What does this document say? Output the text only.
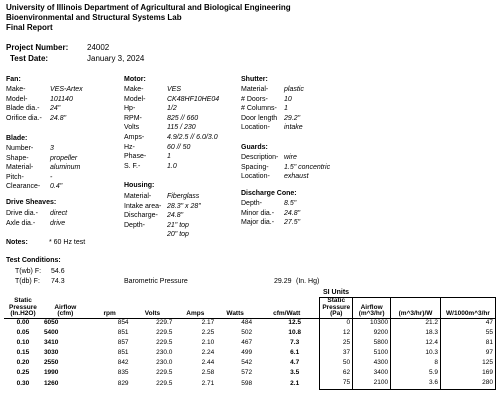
University of Illinois Department of Agricultural and Biological Engineering
Bioenvironmental and Structural Systems Lab
Final Report
Project Number: 24002
Test Date:	January 3, 2024
Fan:
Make-	VES-Artex
Model-	101140
Blade dia.- 24"
Orifice dia.- 24.8"
Blade:
Number- 3
Shape-	propeller
Material- aluminum
Pitch-	-
Clearance- 0.4"
Drive Sheaves:
Drive dia.- direct
Axle dia.- drive
Notes:	* 60 Hz test
Motor:
Make-	VES
Model-	CK48HF10HE04
Hp-	1/2
RPM-	825 // 660
Volts	115 / 230
Amps-	4.9/2.5 // 6.0/3.0
Hz-	60 // 50
Phase-	1
S. F.-	1.0
Housing:
Material- Fiberglass
Intake area- 28.3" x 28"
Discharge- 24.8"
Depth-	21" top
20" top
Shutter:
Material- plastic
# Doors- 10
# Columns- 1
Door length 29.2"
Location- intake
Guards:
Description- wire
Spacing- 1.5" concentric
Location- exhaust
Discharge Cone:
Depth-	8.5"
Minor dia.- 24.8"
Major dia.- 27.5"
Test Conditions:
T(wb) F: 54.6
T(db) F: 74.3	Barometric Pressure	29.29 (In. Hg)
SI Units
Static
Pressure
(In.H2O)	Airflow
(cfm)	rpm	Volts	Amps	Watts	cfm/Watt	Static
Pressure
(Pa)	Airflow
(m^3/hr)	(m^3/hr)/W	W/1000m^3/hr
0.00	6050	854	229.7	2.17	484	12.5	0	10300	21.2	47
0.05	5400	851	229.5	2.25	502	10.8	12	9200	18.3	55
0.10	3410	857	229.5	2.10	467	7.3	25	5800	12.4	81
0.15	3030	851	230.0	2.24	499	6.1	37	5100	10.3	97
0.20	2550	842	230.0	2.44	542	4.7	50	4300	8	125
0.25	1990	835	229.5	2.58	572	3.5	62	3400	5.9	169
0.30	1260	829	229.5	2.71	598	2.1	75	2100	3.6	280
